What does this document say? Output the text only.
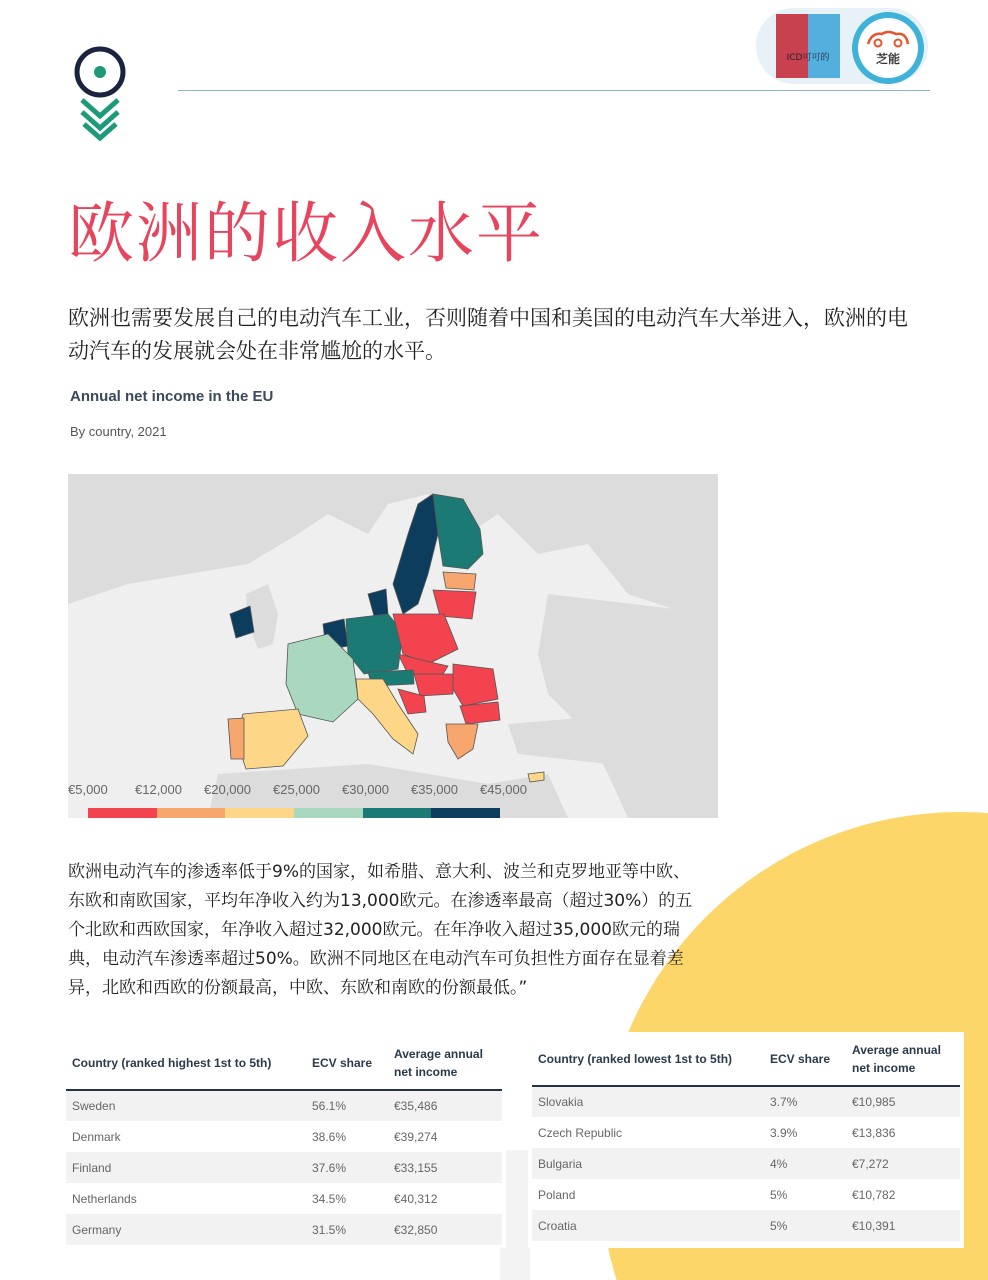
ICD可可的	芝能
欧洲的收入水平
欧洲也需要发展自己的电动汽车工业，否则随着中国和美国的电动汽车大举进入，欧洲的电动汽车的发展就会处在非常尴尬的水平。
Annual net income in the EU
By country, 2021
€5,000	€12,000	€20,000	€25,000	€30,000	€35,000	€45,000
欧洲电动汽车的渗透率低于9%的国家，如希腊、意大利、波兰和克罗地亚等中欧、东欧和南欧国家，平均年净收入约为13,000欧元。在渗透率最高（超过30%）的五个北欧和西欧国家，年净收入超过32,000欧元。在年净收入超过35,000欧元的瑞典，电动汽车渗透率超过50%。欧洲不同地区在电动汽车可负担性方面存在显着差异，北欧和西欧的份额最高，中欧、东欧和南欧的份额最低。”
Country (ranked highest 1st to 5th)	ECV share	Average annual net income
Sweden	56.1%	€35,486
Denmark	38.6%	€39,274
Finland	37.6%	€33,155
Netherlands	34.5%	€40,312
Germany	31.5%	€32,850
Country (ranked lowest 1st to 5th)	ECV share	Average annual net income
Slovakia	3.7%	€10,985
Czech Republic	3.9%	€13,836
Bulgaria	4%	€7,272
Poland	5%	€10,782
Croatia	5%	€10,391
